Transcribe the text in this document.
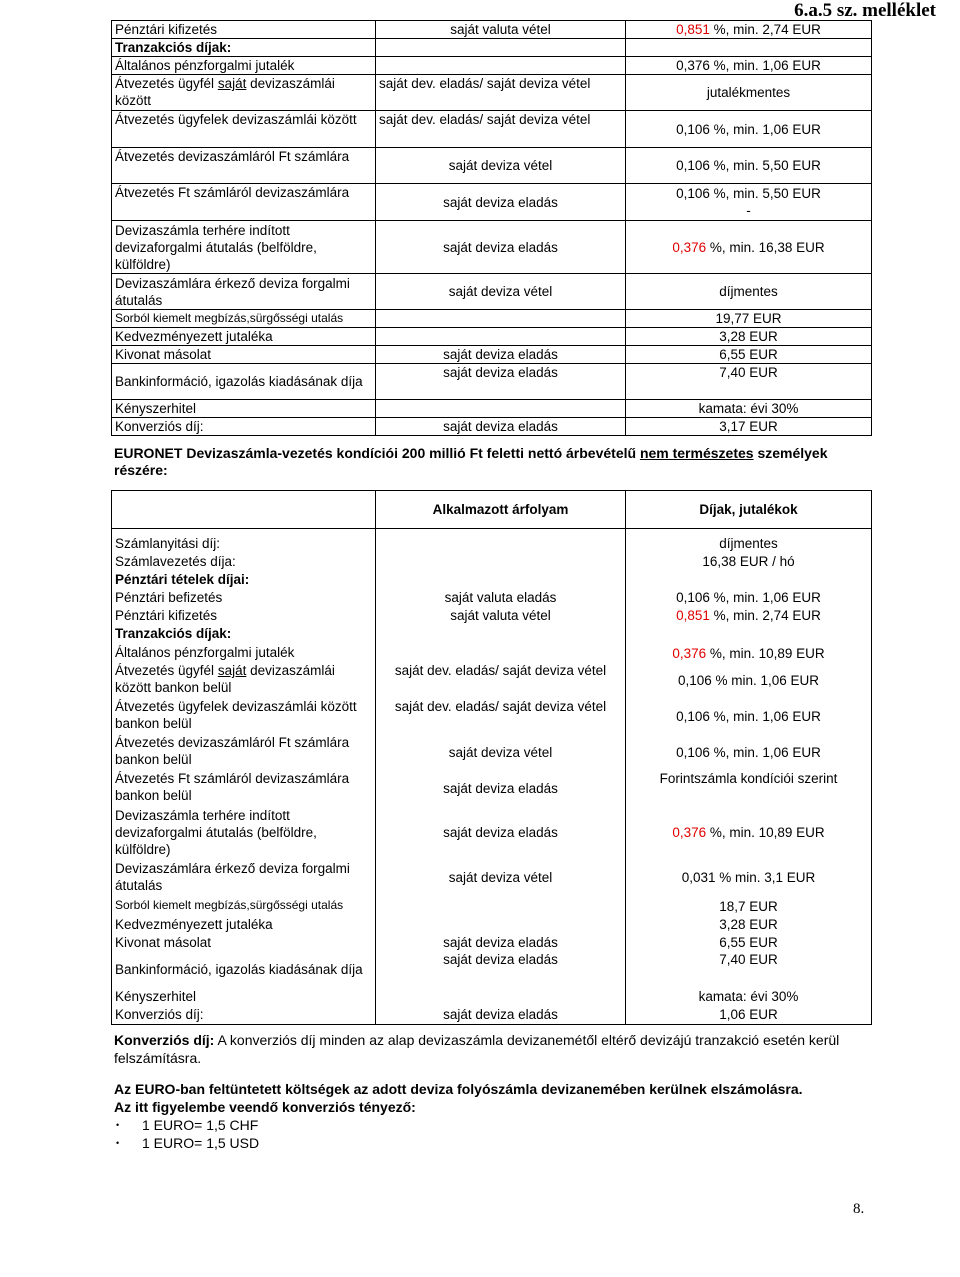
6.a.5 sz. melléklet
Pénztári kifizetés	saját valuta vétel	0,851 %, min. 2,74 EUR
Tranzakciós díjak:		
Általános pénzforgalmi jutalék		0,376 %, min. 1,06 EUR
Átvezetés ügyfél saját devizaszámlái között	saját dev. eladás/ saját deviza vétel	jutalékmentes
Átvezetés ügyfelek devizaszámlái között	saját dev. eladás/ saját deviza vétel	0,106 %, min. 1,06 EUR
Átvezetés devizaszámláról Ft számlára	saját deviza vétel	0,106 %, min. 5,50 EUR
Átvezetés Ft számláról devizaszámlára	saját deviza eladás	0,106 %, min. 5,50 EUR
-

Devizaszámla terhére indított devizaforgalmi átutalás (belföldre, külföldre)	saját deviza eladás	0,376 %, min. 16,38 EUR
Devizaszámlára érkező deviza forgalmi átutalás	saját deviza vétel	díjmentes
Sorból kiemelt megbízás,sürgősségi utalás		19,77 EUR
Kedvezményezett jutaléka		3,28 EUR
Kivonat másolat	saját deviza eladás	6,55 EUR
Bankinformáció, igazolás kiadásának díja	saját deviza eladás	7,40 EUR
Kényszerhitel		kamata: évi 30%
Konverziós díj:	saját deviza eladás	3,17 EUR
EURONET Devizaszámla-vezetés kondíciói 200 millió Ft feletti nettó árbevételű nem természetes személyek részére:
	Alkalmazott árfolyam	Díjak, jutalékok
Számlanyitási díj:		díjmentes
Számlavezetés díja:		16,38 EUR / hó
Pénztári tételek díjai:		
Pénztári befizetés	saját valuta eladás	0,106 %, min. 1,06 EUR
Pénztári kifizetés	saját valuta vétel	0,851 %, min. 2,74 EUR
Tranzakciós díjak:		
Általános pénzforgalmi jutalék		0,376 %, min. 10,89 EUR
Átvezetés ügyfél saját devizaszámlái között bankon belül	saját dev. eladás/ saját deviza vétel	0,106 % min. 1,06 EUR
Átvezetés ügyfelek devizaszámlái között bankon belül	saját dev. eladás/ saját deviza vétel	0,106 %, min. 1,06 EUR
Átvezetés devizaszámláról Ft számlára bankon belül	saját deviza vétel	0,106 %, min. 1,06 EUR
Átvezetés Ft számláról devizaszámlára bankon belül	saját deviza eladás	Forintszámla kondíciói szerint
Devizaszámla terhére indított devizaforgalmi átutalás (belföldre, külföldre)	saját deviza eladás	0,376 %, min. 10,89 EUR
Devizaszámlára érkező deviza forgalmi átutalás	saját deviza vétel	0,031 % min. 3,1 EUR
Sorból kiemelt megbízás,sürgősségi utalás		18,7 EUR
Kedvezményezett jutaléka		3,28 EUR
Kivonat másolat	saját deviza eladás	6,55 EUR
Bankinformáció, igazolás kiadásának díja	saját deviza eladás	7,40 EUR
Kényszerhitel		kamata: évi 30%
Konverziós díj:	saját deviza eladás	1,06 EUR

Konverziós díj: A konverziós díj minden az alap devizaszámla devizanemétől eltérő devizájú tranzakció esetén kerül felszámításra.

Az EURO-ban feltüntetett költségek az adott deviza folyószámla devizanemében kerülnek elszámolásra.
Az itt figyelembe veendő konverziós tényező:
• 1 EURO= 1,5 CHF
• 1 EURO= 1,5 USD
8.
